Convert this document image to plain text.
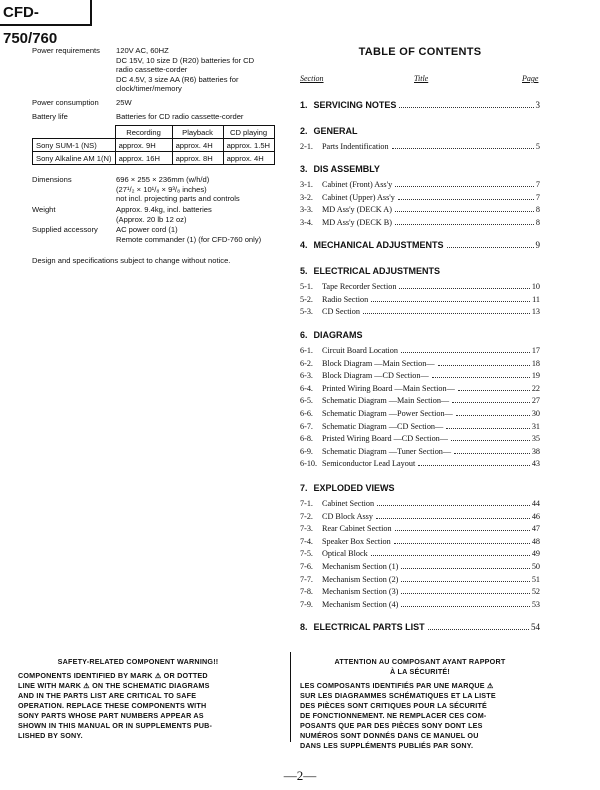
CFD-750/760
Power requirements 120V AC, 60HZ
DC 15V, 10 size D (R20) batteries for CD
radio cassette-corder
DC 4.5V, 3 size AA (R6) batteries for
clock/timer/memory
Power consumption 25W
Battery life	Batteries for CD radio cassette-corder
	Recording	Playback	CD playing
Sony SUM-1 (NS)	approx. 9H	approx. 4H	approx. 1.5H
Sony Alkaline AM 1(N)	approx. 16H	approx. 8H	approx. 4H
Dimensions	696 × 255 × 236mm (w/h/d)
(27¹/₂ × 10¹/₈ × 9³/₈ inches)
not incl. projecting parts and controls
Weight	Approx. 9.4kg, incl. batteries
(Approx. 20 lb 12 oz)
Supplied accessory AC power cord (1)
Remote commander (1) (for CFD-760 only)
Design and specifications subject to change without notice.
TABLE OF CONTENTS
Section	Title	Page
1. SERVICING NOTES	3
2. GENERAL
2-1.	Parts Indentification	5
3. DIS ASSEMBLY
3-1.	Cabinet (Front) Ass'y	7
3-2.	Cabinet (Upper) Ass'y	7
3-3.	MD Ass'y (DECK A)	8
3-4.	MD Ass'y (DECK B)	8
4. MECHANICAL ADJUSTMENTS	9
5. ELECTRICAL ADJUSTMENTS
5-1.	Tape Recorder Section	10
5-2.	Radio Section	11
5-3.	CD Section	13
6. DIAGRAMS
6-1.	Circuit Board Location	17
6-2.	Block Diagram —Main Section—	18
6-3.	Block Diagram —CD Section—	19
6-4.	Printed Wiring Board —Main Section—	22
6-5.	Schematic Diagram —Main Section—	27
6-6.	Schematic Diagram —Power Section—	30
6-7.	Schematic Diagram —CD Section—	31
6-8.	Pristed Wiring Board —CD Section—	35
6-9.	Schematic Diagram —Tuner Section—	38
6-10. Semiconductor Lead Layout	43
7. EXPLODED VIEWS
7-1.	Cabinet Section	44
7-2.	CD Block Assy	46
7-3.	Rear Cabinet Section	47
7-4.	Speaker Box Section	48
7-5.	Optical Block	49
7-6.	Mechanism Section (1)	50
7-7.	Mechanism Section (2)	51
7-8.	Mechanism Section (3)	52
7-9.	Mechanism Section (4)	53
8. ELECTRICAL PARTS LIST	54
SAFETY-RELATED COMPONENT WARNING!!
COMPONENTS IDENTIFIED BY MARK ⚠ OR DOTTED
LINE WITH MARK ⚠ ON THE SCHEMATIC DIAGRAMS
AND IN THE PARTS LIST ARE CRITICAL TO SAFE
OPERATION. REPLACE THESE COMPONENTS WITH
SONY PARTS WHOSE PART NUMBERS APPEAR AS
SHOWN IN THIS MANUAL OR IN SUPPLEMENTS PUB-
LISHED BY SONY.
ATTENTION AU COMPOSANT AYANT RAPPORT
À LA SÉCURITÉ!
LES COMPOSANTS IDENTIFIÉS PAR UNE MARQUE ⚠
SUR LES DIAGRAMMES SCHÉMATIQUES ET LA LISTE
DES PIÈCES SONT CRITIQUES POUR LA SÉCURITÉ
DE FONCTIONNEMENT. NE REMPLACER CES COM-
POSANTS QUE PAR DES PIÈCES SONY DONT LES
NUMÉROS SONT DONNÉS DANS CE MANUEL OU
DANS LES SUPPLÉMENTS PUBLIÉS PAR SONY.
—2—
